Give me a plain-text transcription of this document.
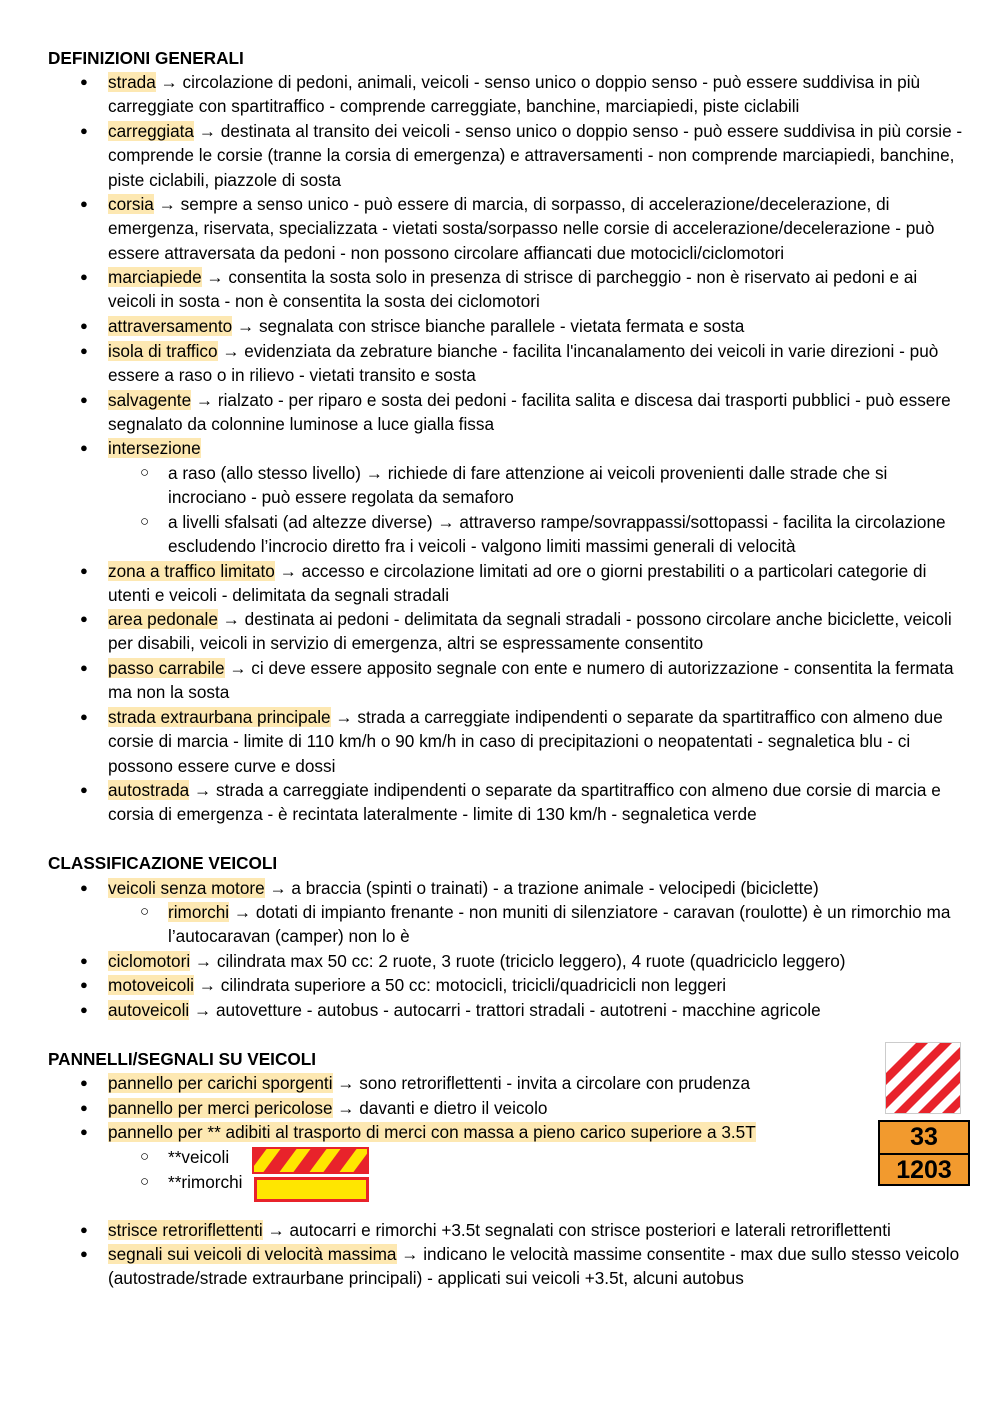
DEFINIZIONI GENERALI
● strada → circolazione di pedoni, animali, veicoli - senso unico o doppio senso - può essere suddivisa in più carreggiate con spartitraffico - comprende carreggiate, banchine, marciapiedi, piste ciclabili
● carreggiata → destinata al transito dei veicoli - senso unico o doppio senso - può essere suddivisa in più corsie - comprende le corsie (tranne la corsia di emergenza) e attraversamenti - non comprende marciapiedi, banchine, piste ciclabili, piazzole di sosta
● corsia → sempre a senso unico - può essere di marcia, di sorpasso, di accelerazione/decelerazione, di emergenza, riservata, specializzata - vietati sosta/sorpasso nelle corsie di accelerazione/decelerazione - può essere attraversata da pedoni - non possono circolare affiancati due motocicli/ciclomotori
● marciapiede → consentita la sosta solo in presenza di strisce di parcheggio - non è riservato ai pedoni e ai veicoli in sosta - non è consentita la sosta dei ciclomotori
● attraversamento → segnalata con strisce bianche parallele - vietata fermata e sosta
● isola di traffico → evidenziata da zebrature bianche - facilita l'incanalamento dei veicoli in varie direzioni - può essere a raso o in rilievo - vietati transito e sosta
● salvagente → rialzato - per riparo e sosta dei pedoni - facilita salita e discesa dai trasporti pubblici - può essere segnalato da colonnine luminose a luce gialla fissa
● intersezione
○ a raso (allo stesso livello) → richiede di fare attenzione ai veicoli provenienti dalle strade che si incrociano - può essere regolata da semaforo
○ a livelli sfalsati (ad altezze diverse) → attraverso rampe/sovrappassi/sottopassi - facilita la circolazione escludendo l’incrocio diretto fra i veicoli - valgono limiti massimi generali di velocità
● zona a traffico limitato → accesso e circolazione limitati ad ore o giorni prestabiliti o a particolari categorie di utenti e veicoli - delimitata da segnali stradali
● area pedonale → destinata ai pedoni - delimitata da segnali stradali - possono circolare anche biciclette, veicoli per disabili, veicoli in servizio di emergenza, altri se espressamente consentito
● passo carrabile → ci deve essere apposito segnale con ente e numero di autorizzazione - consentita la fermata ma non la sosta
● strada extraurbana principale → strada a carreggiate indipendenti o separate da spartitraffico con almeno due corsie di marcia - limite di 110 km/h o 90 km/h in caso di precipitazioni o neopatentati - segnaletica blu - ci possono essere curve e dossi
● autostrada → strada a carreggiate indipendenti o separate da spartitraffico con almeno due corsie di marcia e corsia di emergenza - è recintata lateralmente - limite di 130 km/h - segnaletica verde
CLASSIFICAZIONE VEICOLI
● veicoli senza motore → a braccia (spinti o trainati) - a trazione animale - velocipedi (biciclette)
○ rimorchi → dotati di impianto frenante - non muniti di silenziatore - caravan (roulotte) è un rimorchio ma l’autocaravan (camper) non lo è
● ciclomotori → cilindrata max 50 cc: 2 ruote, 3 ruote (triciclo leggero), 4 ruote (quadriciclo leggero)
● motoveicoli → cilindrata superiore a 50 cc: motocicli, tricicli/quadricicli non leggeri
● autoveicoli → autovetture - autobus - autocarri - trattori stradali - autotreni - macchine agricole
PANNELLI/SEGNALI SU VEICOLI
● pannello per carichi sporgenti → sono retroriflettenti - invita a circolare con prudenza
● pannello per merci pericolose → davanti e dietro il veicolo
● pannello per ** adibiti al trasporto di merci con massa a pieno carico superiore a 3.5T
○ **veicoli
○ **rimorchi
● strisce retroriflettenti → autocarri e rimorchi +3.5t segnalati con strisce posteriori e laterali retroriflettenti
● segnali sui veicoli di velocità massima → indicano le velocità massime consentite - max due sullo stesso veicolo (autostrade/strade extraurbane principali) - applicati sui veicoli +3.5t, alcuni autobus
33
1203
